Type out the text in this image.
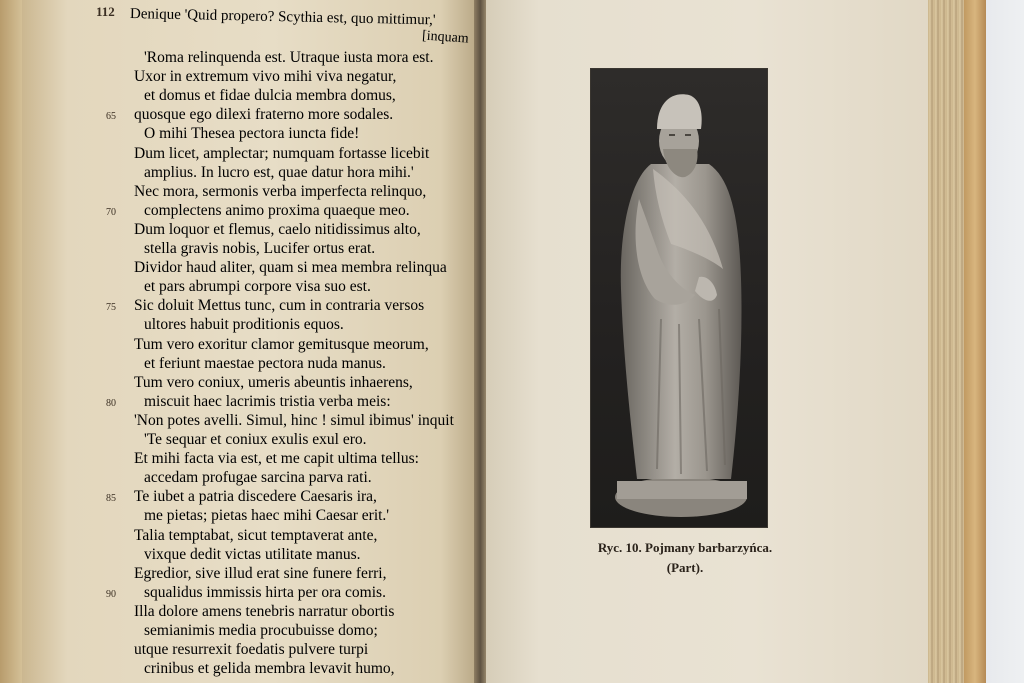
112 Denique 'Quid propero? Scythia est, quo mittimur,'
[inquam
'Roma relinquenda est. Utraque iusta mora est.
Uxor in extremum vivo mihi viva negatur,
et domus et fidae dulcia membra domus,
65 quosque ego dilexi fraterno more sodales.
O mihi Thesea pectora iuncta fide!
Dum licet, amplectar; numquam fortasse licebit
amplius. In lucro est, quae datur hora mihi.'
Nec mora, sermonis verba imperfecta relinquo,
70 complectens animo proxima quaeque meo.
Dum loquor et flemus, caelo nitidissimus alto,
stella gravis nobis, Lucifer ortus erat.
Dividor haud aliter, quam si mea membra relinqua
et pars abrumpi corpore visa suo est.
75 Sic doluit Mettus tunc, cum in contraria versos
ultores habuit proditionis equos.
Tum vero exoritur clamor gemitusque meorum,
et feriunt maestae pectora nuda manus.
Tum vero coniux, umeris abeuntis inhaerens,
80 miscuit haec lacrimis tristia verba meis:
'Non potes avelli. Simul, hinc ! simul ibimus' inquit
'Te sequar et coniux exulis exul ero.
Et mihi facta via est, et me capit ultima tellus:
accedam profugae sarcina parva rati.
85 Te iubet a patria discedere Caesaris ira,
me pietas; pietas haec mihi Caesar erit.'
Talia temptabat, sicut temptaverat ante,
vixque dedit victas utilitate manus.
Egredior, sive illud erat sine funere ferri,
90 squalidus immissis hirta per ora comis.
Illa dolore amens tenebris narratur obortis
semianimis media procubuisse domo;
utque resurrexit foedatis pulvere turpi
crinibus et gelida membra levavit humo,
Ryc. 10. Pojmany barbarzyńca.
(Part).
